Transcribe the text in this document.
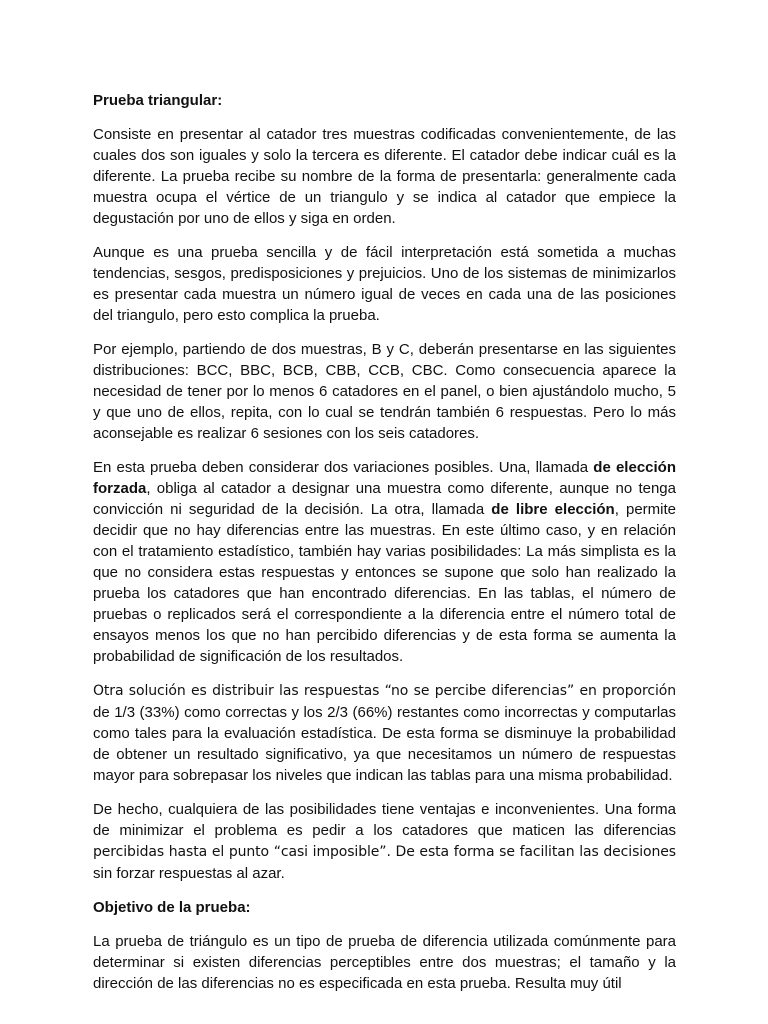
Prueba triangular:

Consiste en presentar al catador tres muestras codificadas convenientemente, de las cuales dos son iguales y solo la tercera es diferente. El catador debe indicar cuál es la diferente. La prueba recibe su nombre de la forma de presentarla: generalmente cada muestra ocupa el vértice de un triangulo y se indica al catador que empiece la degustación por uno de ellos y siga en orden.

Aunque es una prueba sencilla y de fácil interpretación está sometida a muchas tendencias, sesgos, predisposiciones y prejuicios. Uno de los sistemas de minimizarlos es presentar cada muestra un número igual de veces en cada una de las posiciones del triangulo, pero esto complica la prueba.

Por ejemplo, partiendo de dos muestras, B y C, deberán presentarse en las siguientes distribuciones: BCC, BBC, BCB, CBB, CCB, CBC. Como consecuencia aparece la necesidad de tener por lo menos 6 catadores en el panel, o bien ajustándolo mucho, 5 y que uno de ellos, repita, con lo cual se tendrán también 6 respuestas. Pero lo más aconsejable es realizar 6 sesiones con los seis catadores.

En esta prueba deben considerar dos variaciones posibles. Una, llamada de elección forzada, obliga al catador a designar una muestra como diferente, aunque no tenga convicción ni seguridad de la decisión. La otra, llamada de libre elección, permite decidir que no hay diferencias entre las muestras. En este último caso, y en relación con el tratamiento estadístico, también hay varias posibilidades: La más simplista es la que no considera estas respuestas y entonces se supone que solo han realizado la prueba los catadores que han encontrado diferencias. En las tablas, el número de pruebas o replicados será el correspondiente a la diferencia entre el número total de ensayos menos los que no han percibido diferencias y de esta forma se aumenta la probabilidad de significación de los resultados.

Otra solución es distribuir las respuestas “no se percibe diferencias” en proporción de 1/3 (33%) como correctas y los 2/3 (66%) restantes como incorrectas y computarlas como tales para la evaluación estadística. De esta forma se disminuye la probabilidad de obtener un resultado significativo, ya que necesitamos un número de respuestas mayor para sobrepasar los niveles que indican las tablas para una misma probabilidad.

De hecho, cualquiera de las posibilidades tiene ventajas e inconvenientes. Una forma de minimizar el problema es pedir a los catadores que maticen las diferencias percibidas hasta el punto “casi imposible”. De esta forma se facilitan las decisiones sin forzar respuestas al azar.

Objetivo de la prueba:

La prueba de triángulo es un tipo de prueba de diferencia utilizada comúnmente para determinar si existen diferencias perceptibles entre dos muestras; el tamaño y la dirección de las diferencias no es especificada en esta prueba. Resulta muy útil
